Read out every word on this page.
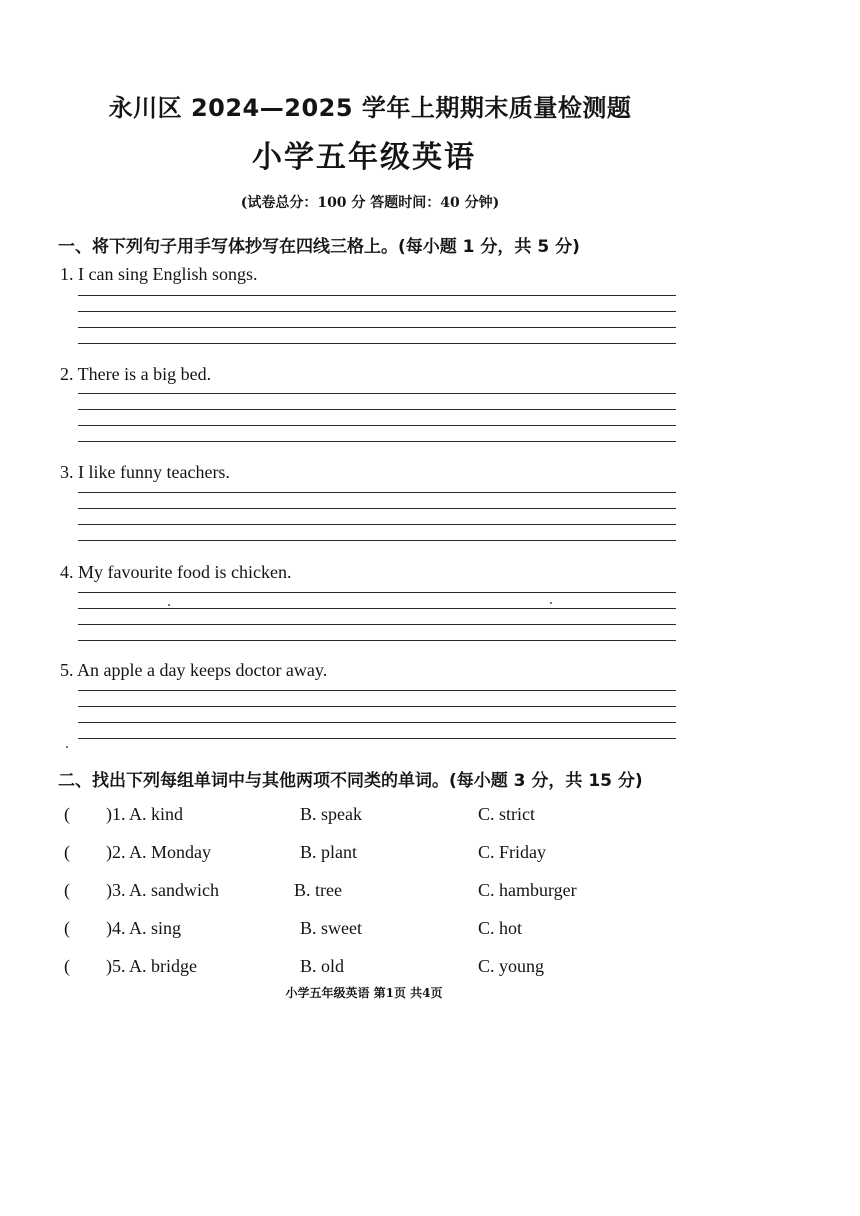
永川区 2024—2025 学年上期期末质量检测题
小学五年级英语
(试卷总分：100 分 答题时间：40 分钟)
一、将下列句子用手写体抄写在四线三格上。(每小题 1 分，共 5 分)
1. I can sing English songs.
2. There is a big bed.
3. I like funny teachers.
4. My favourite food is chicken.
5. An apple a day keeps doctor away.
二、找出下列每组单词中与其他两项不同类的单词。(每小题 3 分，共 15 分)
( )1. A. kind	B. speak	C. strict
( )2. A. Monday	B. plant	C. Friday
( )3. A. sandwich	B. tree	C. hamburger
( )4. A. sing	B. sweet	C. hot
( )5. A. bridge	B. old	C. young
小学五年级英语 第1页 共4页
